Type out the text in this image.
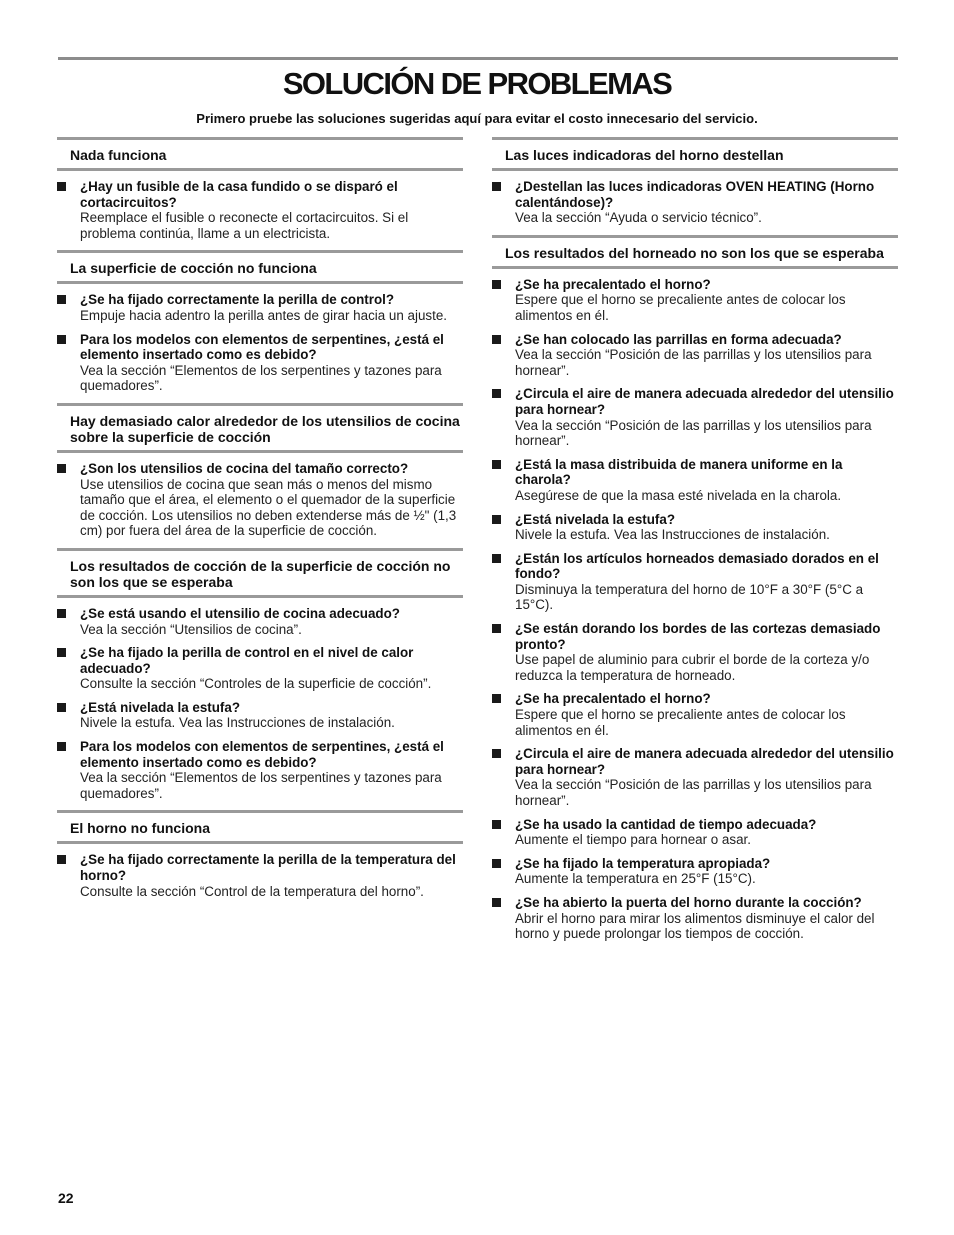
SOLUCIÓN DE PROBLEMAS
Primero pruebe las soluciones sugeridas aquí para evitar el costo innecesario del servicio.
Nada funciona
¿Hay un fusible de la casa fundido o se disparó el cortacircuitos?
Reemplace el fusible o reconecte el cortacircuitos. Si el problema continúa, llame a un electricista.
La superficie de cocción no funciona
¿Se ha fijado correctamente la perilla de control?
Empuje hacia adentro la perilla antes de girar hacia un ajuste.
Para los modelos con elementos de serpentines, ¿está el elemento insertado como es debido?
Vea la sección “Elementos de los serpentines y tazones para quemadores”.
Hay demasiado calor alrededor de los utensilios de cocina sobre la superficie de cocción
¿Son los utensilios de cocina del tamaño correcto?
Use utensilios de cocina que sean más o menos del mismo tamaño que el área, el elemento o el quemador de la superficie de cocción. Los utensilios no deben extenderse más de ½" (1,3 cm) por fuera del área de la superficie de cocción.
Los resultados de cocción de la superficie de cocción no son los que se esperaba
¿Se está usando el utensilio de cocina adecuado?
Vea la sección “Utensilios de cocina”.
¿Se ha fijado la perilla de control en el nivel de calor adecuado?
Consulte la sección “Controles de la superficie de cocción”.
¿Está nivelada la estufa?
Nivele la estufa. Vea las Instrucciones de instalación.
Para los modelos con elementos de serpentines, ¿está el elemento insertado como es debido?
Vea la sección “Elementos de los serpentines y tazones para quemadores”.
El horno no funciona
¿Se ha fijado correctamente la perilla de la temperatura del horno?
Consulte la sección “Control de la temperatura del horno”.
Las luces indicadoras del horno destellan
¿Destellan las luces indicadoras OVEN HEATING (Horno calentándose)?
Vea la sección “Ayuda o servicio técnico”.
Los resultados del horneado no son los que se esperaba
¿Se ha precalentado el horno?
Espere que el horno se precaliente antes de colocar los alimentos en él.
¿Se han colocado las parrillas en forma adecuada?
Vea la sección “Posición de las parrillas y los utensilios para hornear”.
¿Circula el aire de manera adecuada alrededor del utensilio para hornear?
Vea la sección “Posición de las parrillas y los utensilios para hornear”.
¿Está la masa distribuida de manera uniforme en la charola?
Asegúrese de que la masa esté nivelada en la charola.
¿Está nivelada la estufa?
Nivele la estufa. Vea las Instrucciones de instalación.
¿Están los artículos horneados demasiado dorados en el fondo?
Disminuya la temperatura del horno de 10°F a 30°F (5°C a 15°C).
¿Se están dorando los bordes de las cortezas demasiado pronto?
Use papel de aluminio para cubrir el borde de la corteza y/o reduzca la temperatura de horneado.
¿Se ha precalentado el horno?
Espere que el horno se precaliente antes de colocar los alimentos en él.
¿Circula el aire de manera adecuada alrededor del utensilio para hornear?
Vea la sección “Posición de las parrillas y los utensilios para hornear”.
¿Se ha usado la cantidad de tiempo adecuada?
Aumente el tiempo para hornear o asar.
¿Se ha fijado la temperatura apropiada?
Aumente la temperatura en 25°F (15°C).
¿Se ha abierto la puerta del horno durante la cocción?
Abrir el horno para mirar los alimentos disminuye el calor del horno y puede prolongar los tiempos de cocción.
22
